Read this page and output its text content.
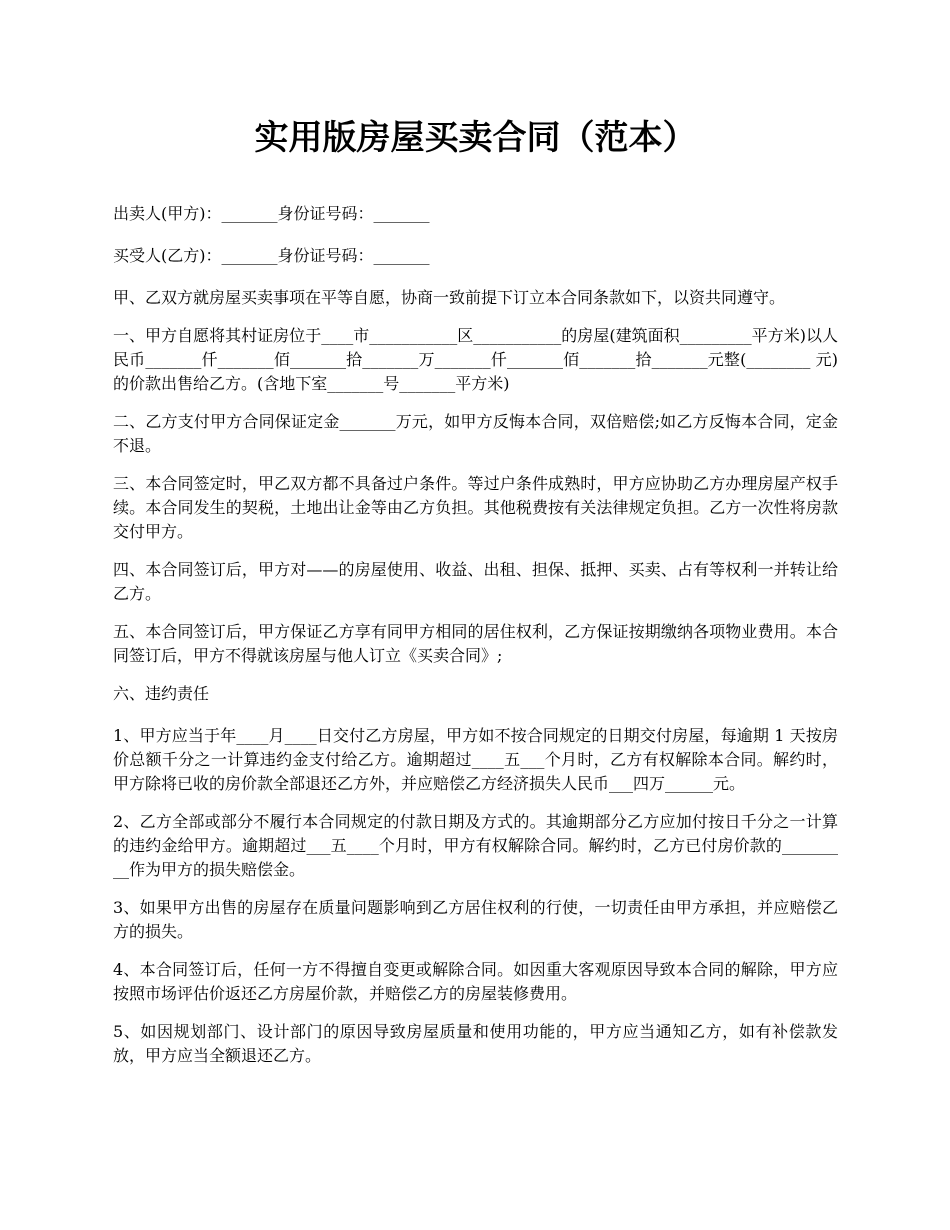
实用版房屋买卖合同（范本）

出卖人(甲方)：_______身份证号码：_______

买受人(乙方)：_______身份证号码：_______

甲、乙双方就房屋买卖事项在平等自愿，协商一致前提下订立本合同条款如下，以资共同遵守。

一、甲方自愿将其村证房位于____市___________区___________的房屋(建筑面积_________平方米)以人民币_______仟_______佰_______拾_______万_______仟_______佰_______拾_______元整(________ 元)的价款出售给乙方。(含地下室_______号_______平方米)

二、乙方支付甲方合同保证定金_______万元，如甲方反悔本合同，双倍赔偿;如乙方反悔本合同，定金不退。

三、本合同签定时，甲乙双方都不具备过户条件。等过户条件成熟时，甲方应协助乙方办理房屋产权手续。本合同发生的契税，土地出让金等由乙方负担。其他税费按有关法律规定负担。乙方一次性将房款交付甲方。

四、本合同签订后，甲方对——的房屋使用、收益、出租、担保、抵押、买卖、占有等权利一并转让给乙方。

五、本合同签订后，甲方保证乙方享有同甲方相同的居住权利，乙方保证按期缴纳各项物业费用。本合同签订后，甲方不得就该房屋与他人订立《买卖合同》;

六、违约责任

1、甲方应当于年____月____日交付乙方房屋，甲方如不按合同规定的日期交付房屋，每逾期 1 天按房价总额千分之一计算违约金支付给乙方。逾期超过____五___个月时，乙方有权解除本合同。解约时，甲方除将已收的房价款全部退还乙方外，并应赔偿乙方经济损失人民币___四万______元。

2、乙方全部或部分不履行本合同规定的付款日期及方式的。其逾期部分乙方应加付按日千分之一计算的违约金给甲方。逾期超过___五____个月时，甲方有权解除合同。解约时，乙方已付房价款的_________作为甲方的损失赔偿金。

3、如果甲方出售的房屋存在质量问题影响到乙方居住权利的行使，一切责任由甲方承担，并应赔偿乙方的损失。

4、本合同签订后，任何一方不得擅自变更或解除合同。如因重大客观原因导致本合同的解除，甲方应按照市场评估价返还乙方房屋价款，并赔偿乙方的房屋装修费用。

5、如因规划部门、设计部门的原因导致房屋质量和使用功能的，甲方应当通知乙方，如有补偿款发放，甲方应当全额退还乙方。
